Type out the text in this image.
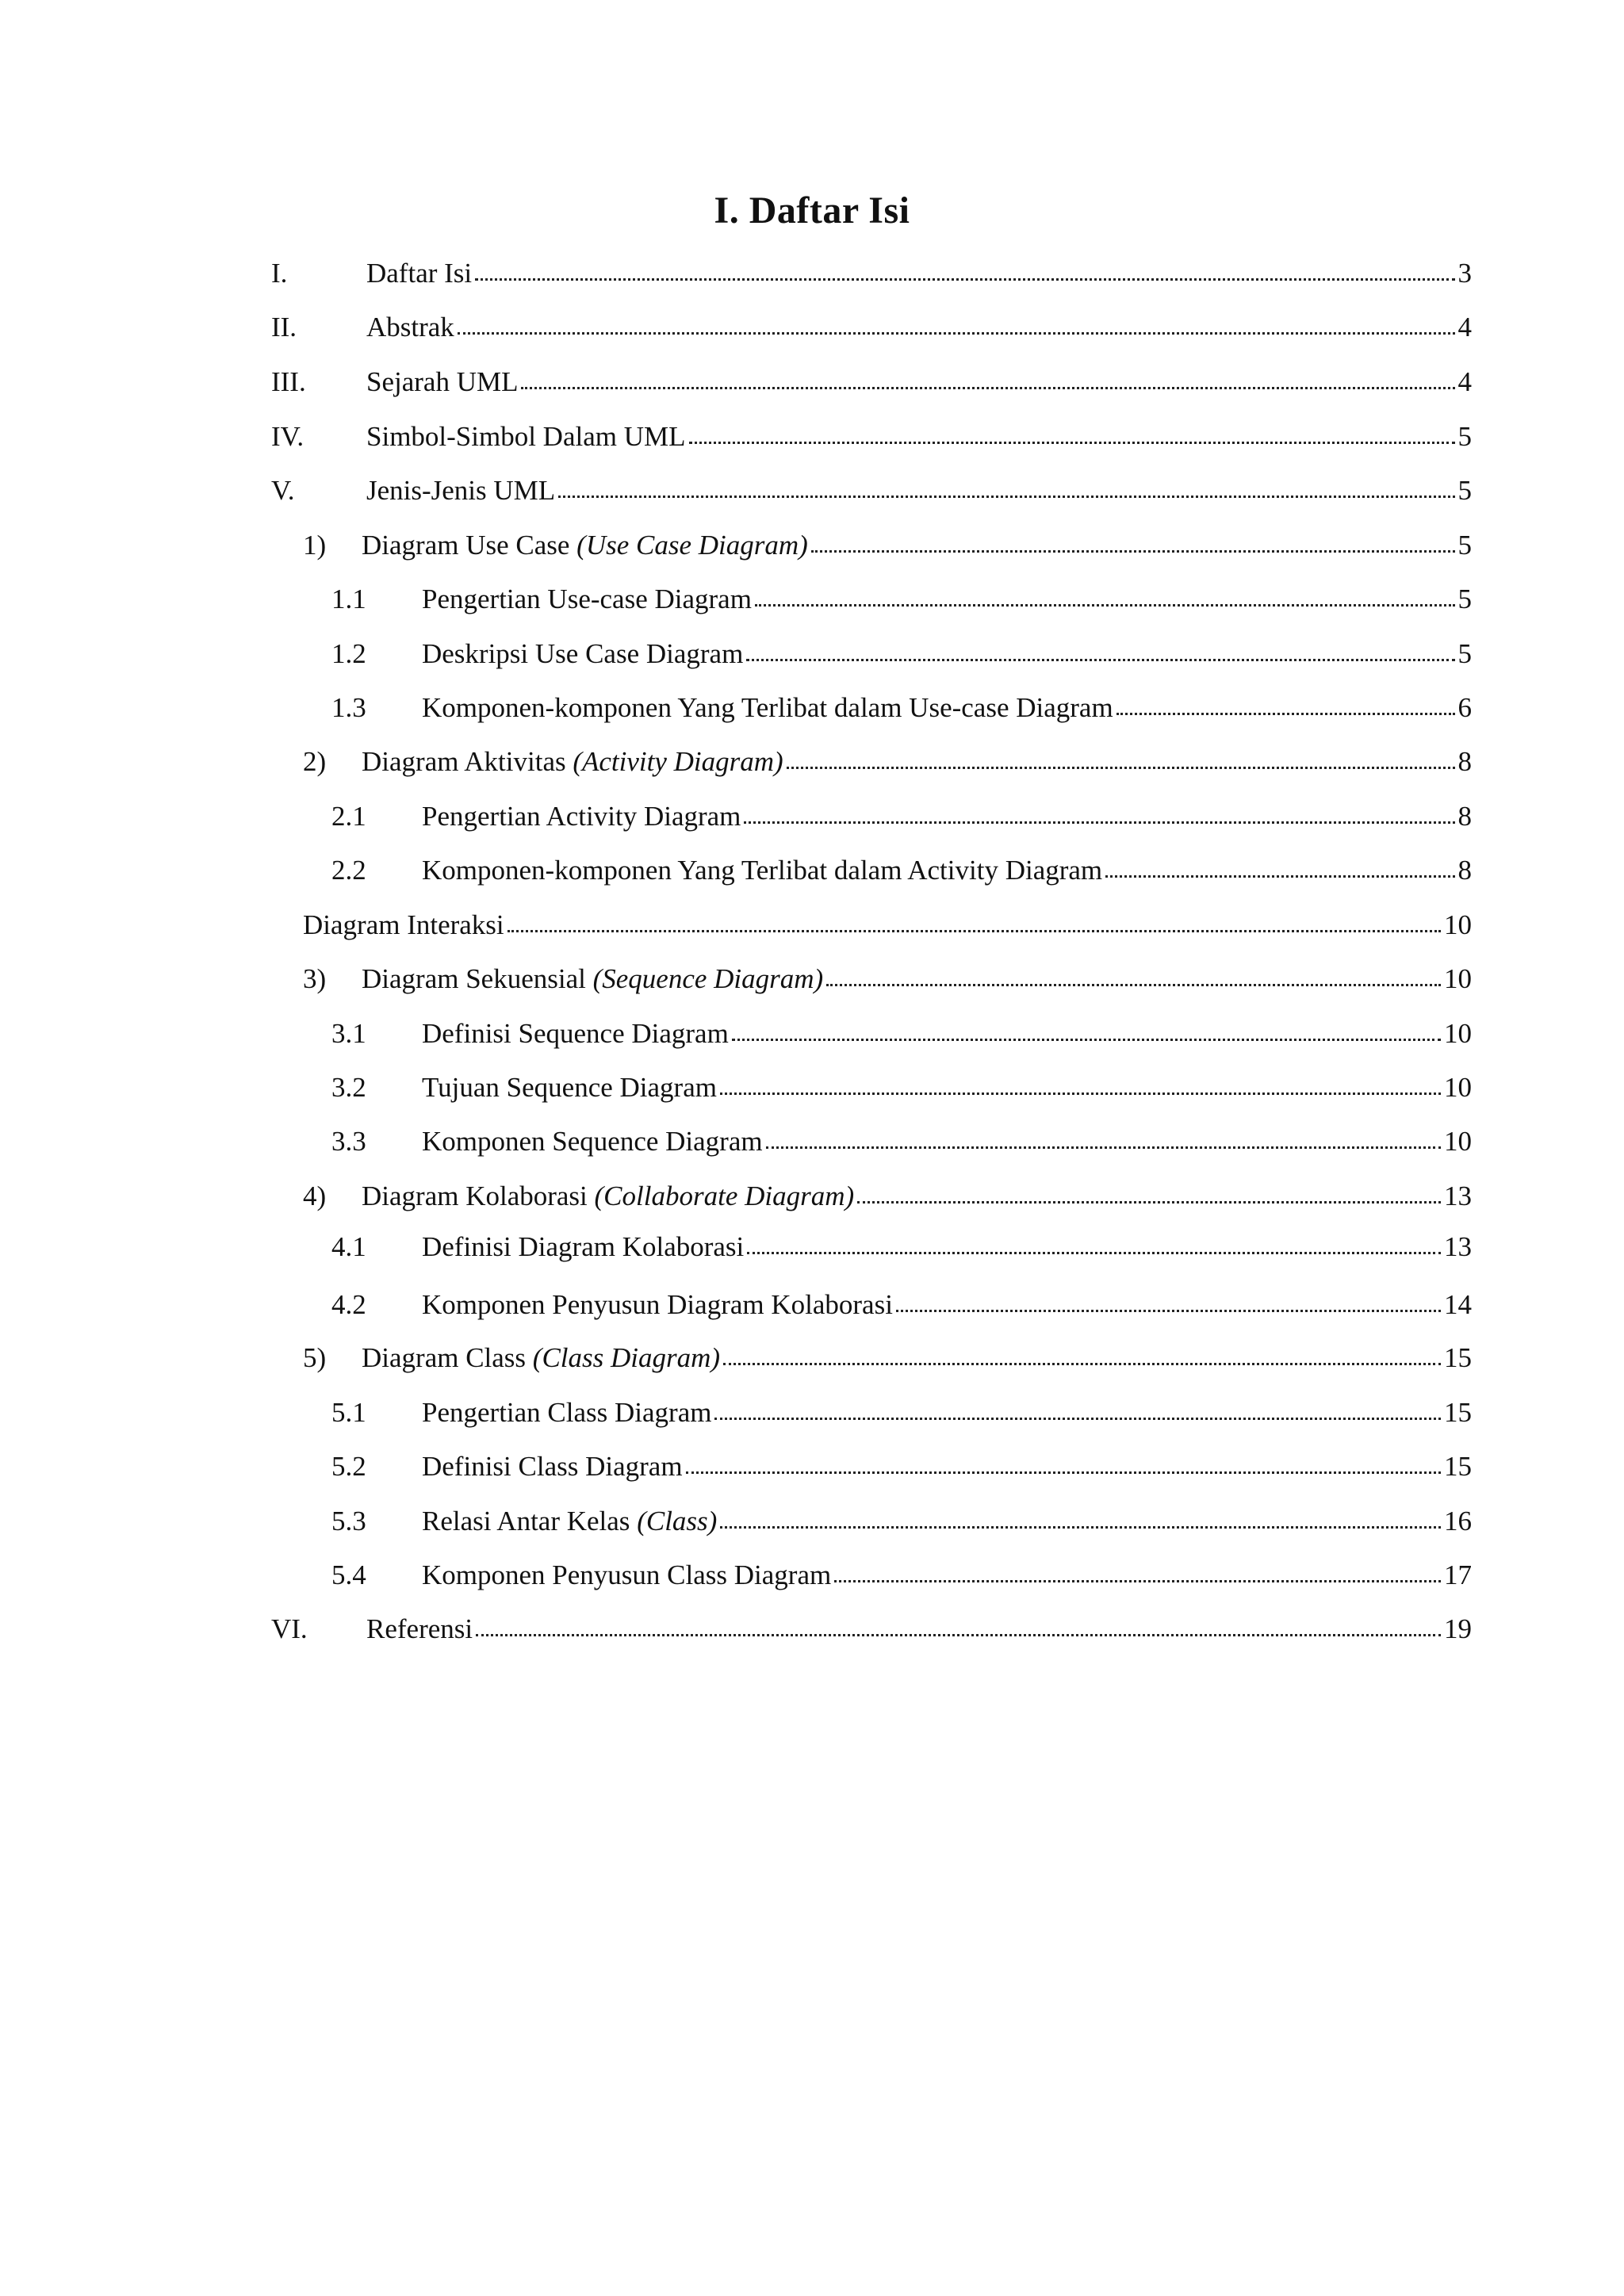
I. Daftar Isi
I.	Daftar Isi	3
II.	Abstrak	4
III. Sejarah UML	4
IV. Simbol-Simbol Dalam UML	5
V.	Jenis-Jenis UML	5
1) Diagram Use Case (Use Case Diagram)	5
1.1 Pengertian Use-case Diagram	5
1.2 Deskripsi Use Case Diagram	5
1.3 Komponen-komponen Yang Terlibat dalam Use-case Diagram	6
2) Diagram Aktivitas (Activity Diagram)	8
2.1 Pengertian Activity Diagram	8
2.2 Komponen-komponen Yang Terlibat dalam Activity Diagram	8
Diagram Interaksi	10
3) Diagram Sekuensial (Sequence Diagram)	10
3.1 Definisi Sequence Diagram	10
3.2 Tujuan Sequence Diagram	10
3.3 Komponen Sequence Diagram	10
4) Diagram Kolaborasi (Collaborate Diagram)	13
4.1 Definisi Diagram Kolaborasi	13
4.2 Komponen Penyusun Diagram Kolaborasi	14
5) Diagram Class (Class Diagram)	15
5.1 Pengertian Class Diagram	15
5.2 Definisi Class Diagram	15
5.3 Relasi Antar Kelas (Class)	16
5.4 Komponen Penyusun Class Diagram	17
VI. Referensi	19
